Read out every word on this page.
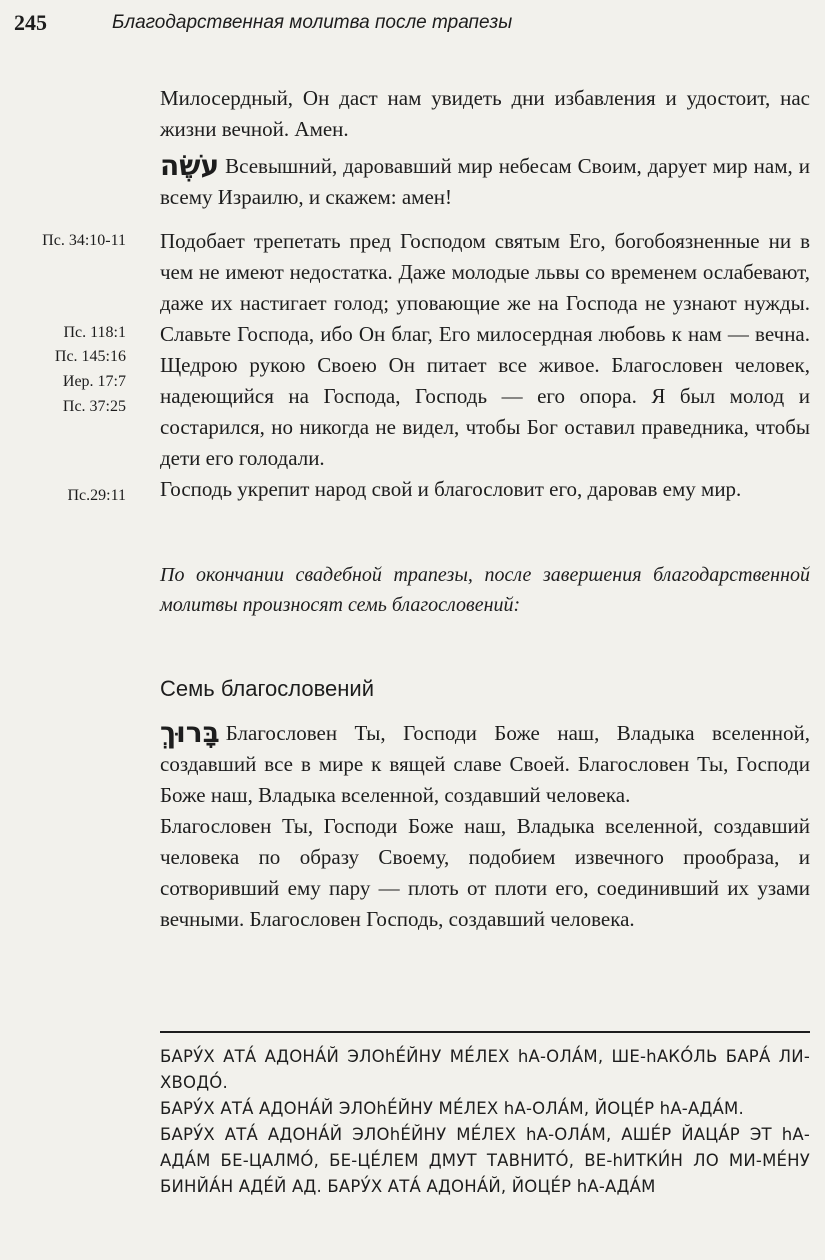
245	Благодарственная молитва после трапезы

Милосердный, Он даст нам увидеть дни избавления и удостоит, нас жизни вечной. Амен.

עֹשֶׂה Всевышний, даровавший мир небесам Своим, дарует мир нам, и всему Израилю, и скажем: амен!

Пс. 34:10-11
Пс. 118:1
Пс. 145:16
Иер. 17:7
Пс. 37:25
Пс.29:11

Подобает трепетать пред Господом святым Его, богобоязненные ни в чем не имеют недостатка. Даже молодые львы со временем ослабевают, даже их настигает голод; уповающие же на Господа не узнают нужды. Славьте Господа, ибо Он благ, Его милосердная любовь к нам — вечна. Щедрою рукою Своею Он питает все живое. Благословен человек, надеющийся на Господа, Господь — его опора. Я был молод и состарился, но никогда не видел, чтобы Бог оставил праведника, чтобы дети его голодали.

Господь укрепит народ свой и благословит его, даровав ему мир.

По окончании свадебной трапезы, после завершения благодарственной молитвы произносят семь благословений:
Семь благословений

בָּרוּךְ Благословен Ты, Господи Боже наш, Владыка вселенной, создавший все в мире к вящей славе Своей. Благословен Ты, Господи Боже наш, Владыка вселенной, создавший человека.

Благословен Ты, Господи Боже наш, Владыка вселенной, создавший человека по образу Своему, подобием извечного прообраза, и сотворивший ему пару — плоть от плоти его, соединивший их узами вечными. Благословен Господь, создавший человека.

БАРУ́Х АТА́ АДОНА́Й ЭЛОһЕ́ЙНУ МЕ́ЛЕХ һА-ОЛА́М, ШЕ-һАКО́ЛЬ БАРА́ ЛИ-ХВОДО́.

БАРУ́Х АТА́ АДОНА́Й ЭЛОһЕ́ЙНУ МЕ́ЛЕХ һА-ОЛА́М, ЙОЦЕ́Р һА-АДА́М.

БАРУ́Х АТА́ АДОНА́Й ЭЛОһЕ́ЙНУ МЕ́ЛЕХ һА-ОЛА́М, АШЕ́Р ЙАЦА́Р ЭТ һА-АДА́М БЕ-ЦАЛМО́, БЕ-ЦЕ́ЛЕМ ДМУТ ТАВНИТО́, ВЕ-һИТКИ́Н ЛО МИ-МЕ́НУ БИНЙА́Н АДЕ́Й АД. БАРУ́Х АТА́ АДОНА́Й, ЙОЦЕ́Р һА-АДА́М
